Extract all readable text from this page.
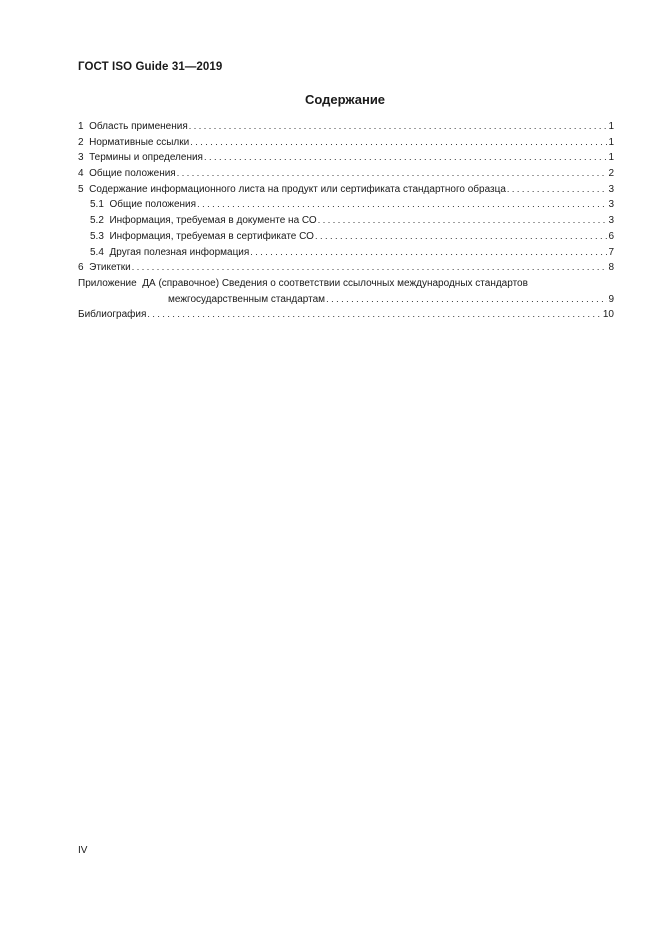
ГОСТ ISO Guide 31—2019
Содержание
1 Область применения . . .	1
2 Нормативные ссылки . . .	1
3 Термины и определения . . .	1
4 Общие положения . . .	2
5 Содержание информационного листа на продукт или сертификата стандартного образца . . .	3
5.1 Общие положения . . .	3
5.2 Информация, требуемая в документе на СО . . .	3
5.3 Информация, требуемая в сертификате СО . . .	6
5.4 Другая полезная информация . . .	7
6 Этикетки . . .	8
Приложение ДА (справочное) Сведения о соответствии ссылочных международных стандартов
межгосударственным стандартам . . .	9
Библиография . . .	10
IV
